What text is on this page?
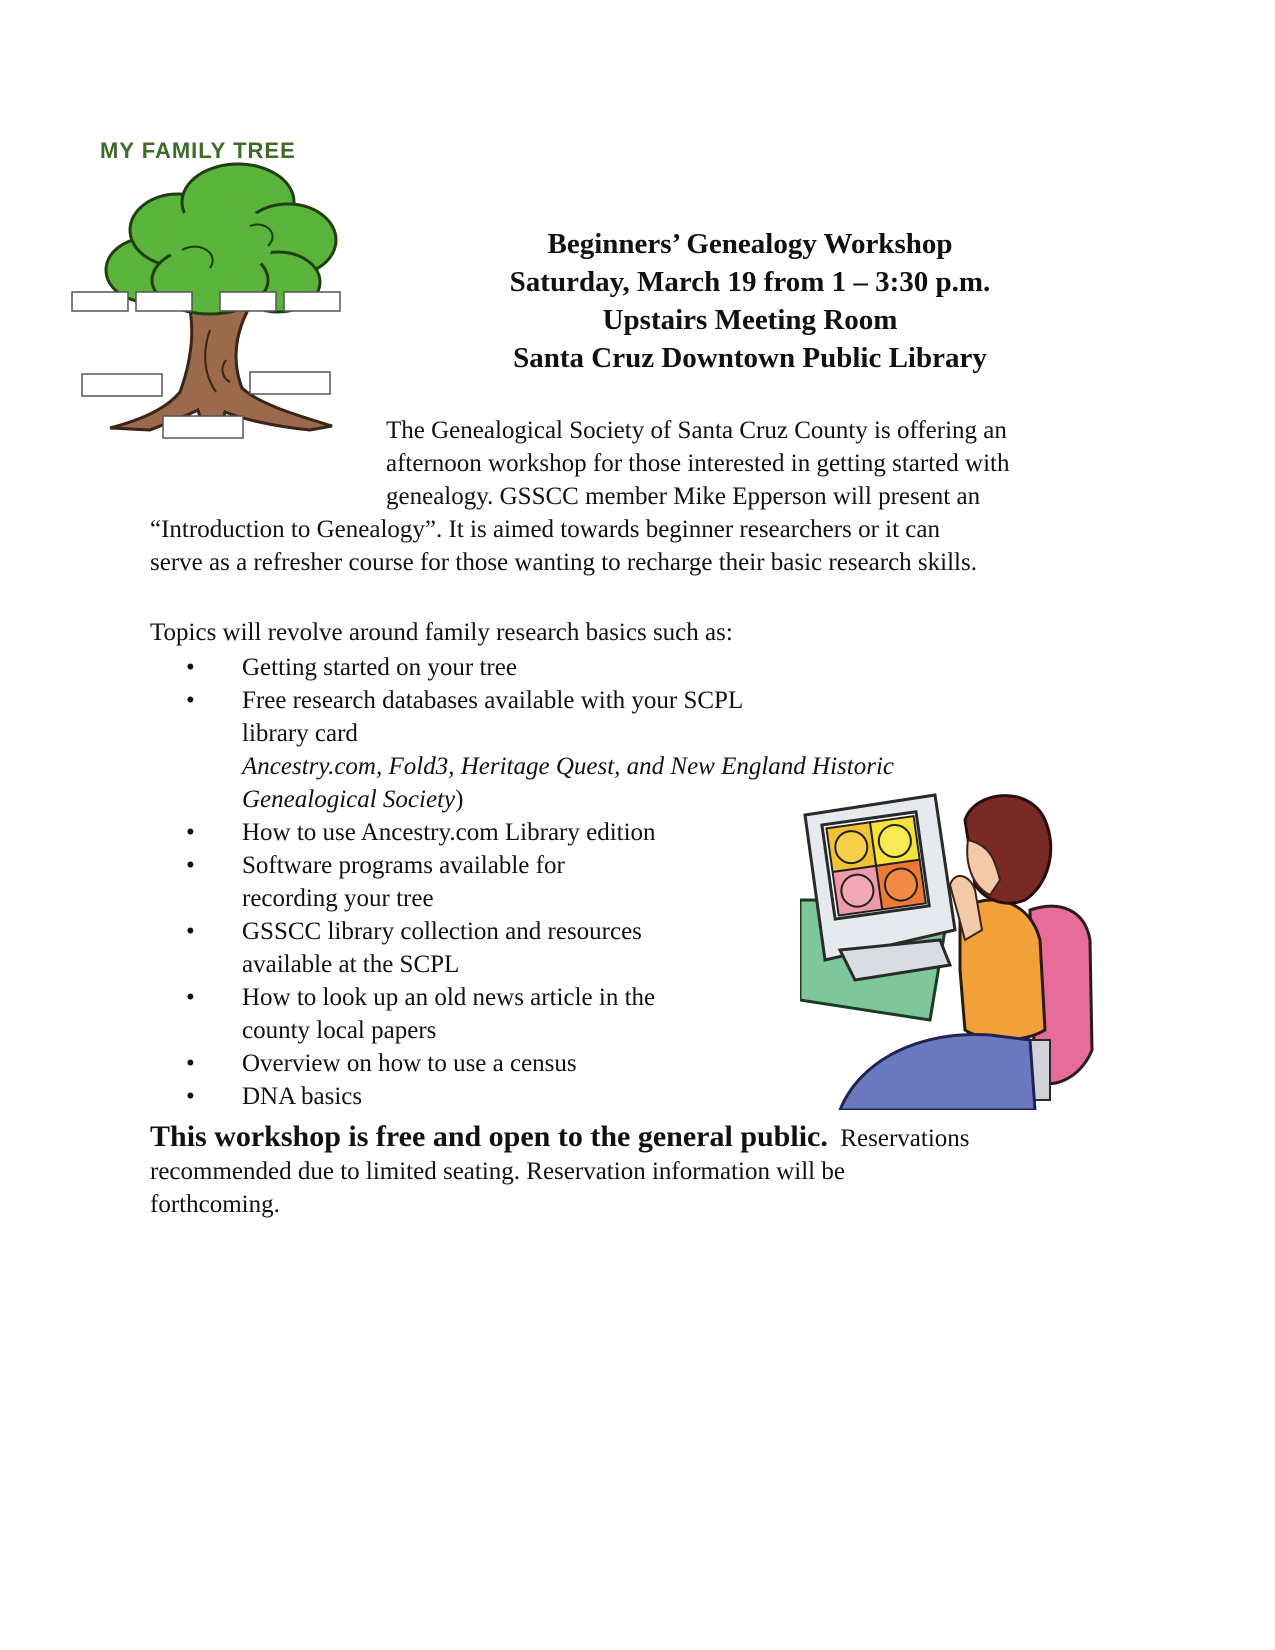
MY FAMILY TREE
Beginners’ Genealogy Workshop
Saturday, March 19 from 1 – 3:30 p.m.
Upstairs Meeting Room
Santa Cruz Downtown Public Library
The Genealogical Society of Santa Cruz County is offering an
afternoon workshop for those interested in getting started with
genealogy. GSSCC member Mike Epperson will present an
“Introduction to Genealogy”. It is aimed towards beginner researchers or it can
serve as a refresher course for those wanting to recharge their basic research skills.
Topics will revolve around family research basics such as:
• Getting started on your tree
• Free research databases available with your SCPL library card
Ancestry.com, Fold3, Heritage Quest, and New England Historic Genealogical Society)
• How to use Ancestry.com Library edition
• Software programs available for recording your tree
• GSSCC library collection and resources available at the SCPL
• How to look up an old news article in the county local papers
• Overview on how to use a census
• DNA basics
This workshop is free and open to the general public.  Reservations
recommended due to limited seating. Reservation information will be
forthcoming.
